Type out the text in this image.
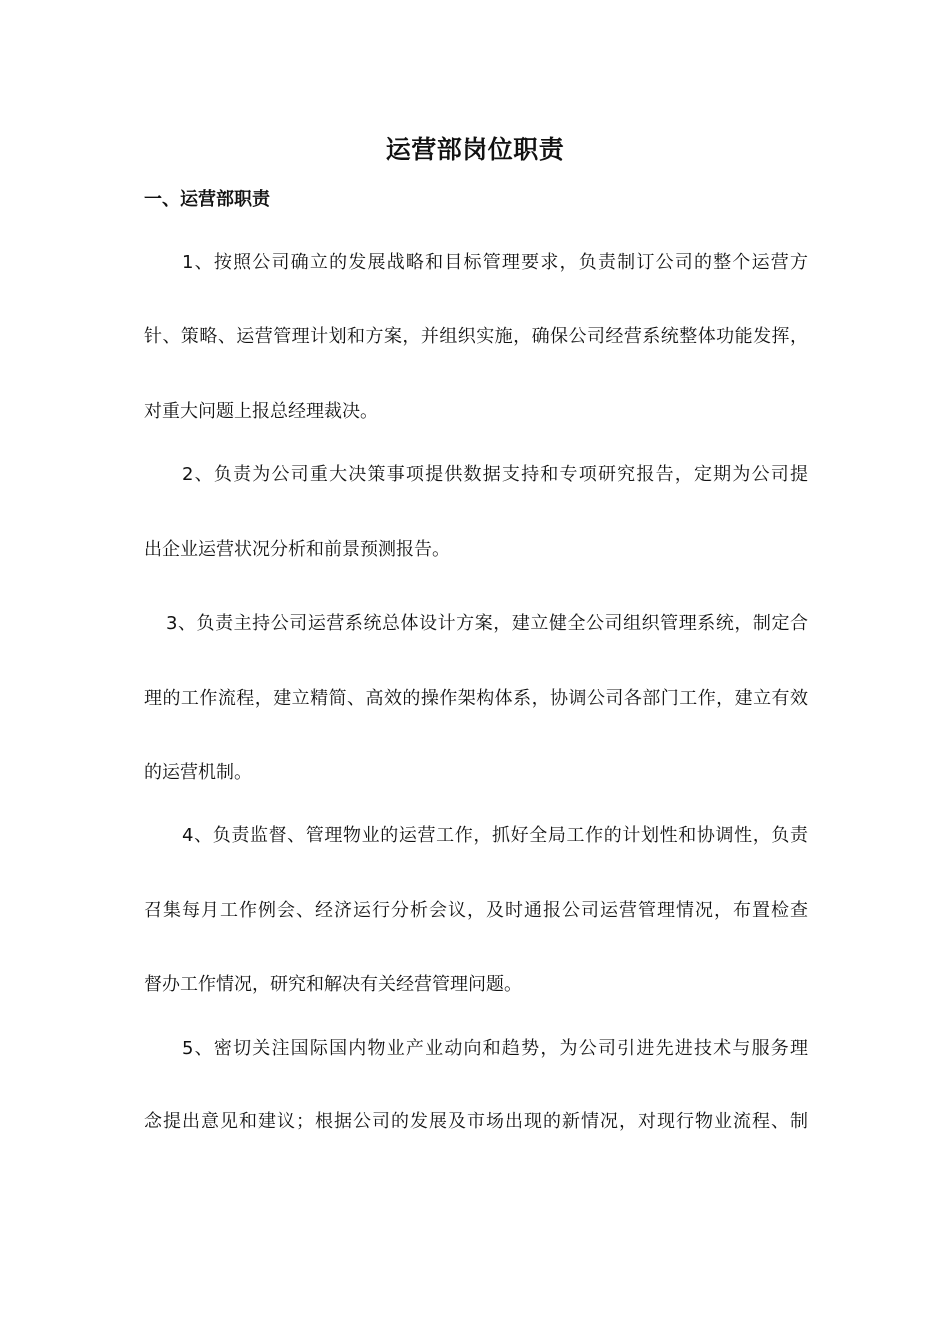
运营部岗位职责
一、运营部职责

1、按照公司确立的发展战略和目标管理要求，负责制订公司的整个运营方

针、策略、运营管理计划和方案，并组织实施，确保公司经营系统整体功能发挥，

对重大问题上报总经理裁决。

2、负责为公司重大决策事项提供数据支持和专项研究报告，定期为公司提

出企业运营状况分析和前景预测报告。

3、负责主持公司运营系统总体设计方案，建立健全公司组织管理系统，制定合

理的工作流程，建立精简、高效的操作架构体系，协调公司各部门工作，建立有效

的运营机制。

4、负责监督、管理物业的运营工作，抓好全局工作的计划性和协调性，负责

召集每月工作例会、经济运行分析会议，及时通报公司运营管理情况，布置检查

督办工作情况，研究和解决有关经营管理问题。

5、密切关注国际国内物业产业动向和趋势，为公司引进先进技术与服务理

念提出意见和建议；根据公司的发展及市场出现的新情况，对现行物业流程、制
